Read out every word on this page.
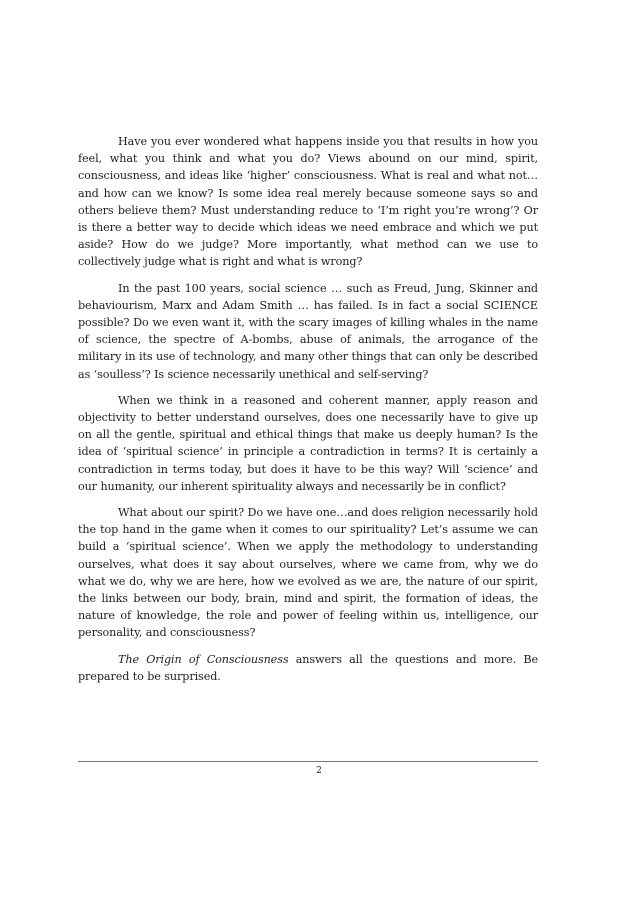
Have you ever wondered what happens inside you that results in how you feel, what you think and what you do? Views abound on our mind, spirit, consciousness, and ideas like ‘higher’ consciousness. What is real and what not… and how can we know? Is some idea real merely because someone says so and others believe them? Must understanding reduce to ‘I’m right you’re wrong’? Or is there a better way to decide which ideas we need embrace and which we put aside? How do we judge? More importantly, what method can we use to collectively judge what is right and what is wrong?

In the past 100 years, social science … such as Freud, Jung, Skinner and behaviourism, Marx and Adam Smith … has failed. Is in fact a social SCIENCE possible? Do we even want it, with the scary images of killing whales in the name of science, the spectre of A-bombs, abuse of animals, the arrogance of the military in its use of technology, and many other things that can only be described as ‘soulless’? Is science necessarily unethical and self-serving?

When we think in a reasoned and coherent manner, apply reason and objectivity to better understand ourselves, does one necessarily have to give up on all the gentle, spiritual and ethical things that make us deeply human? Is the idea of ‘spiritual science’ in principle a contradiction in terms? It is certainly a contradiction in terms today, but does it have to be this way? Will ‘science’ and our humanity, our inherent spirituality always and necessarily be in conflict?

What about our spirit? Do we have one…and does religion necessarily hold the top hand in the game when it comes to our spirituality? Let’s assume we can build a ‘spiritual science’. When we apply the methodology to understanding ourselves, what does it say about ourselves, where we came from, why we do what we do, why we are here, how we evolved as we are, the nature of our spirit, the links between our body, brain, mind and spirit, the formation of ideas, the nature of knowledge, the role and power of feeling within us, intelligence, our personality, and consciousness?

The Origin of Consciousness answers all the questions and more. Be prepared to be surprised.

2
